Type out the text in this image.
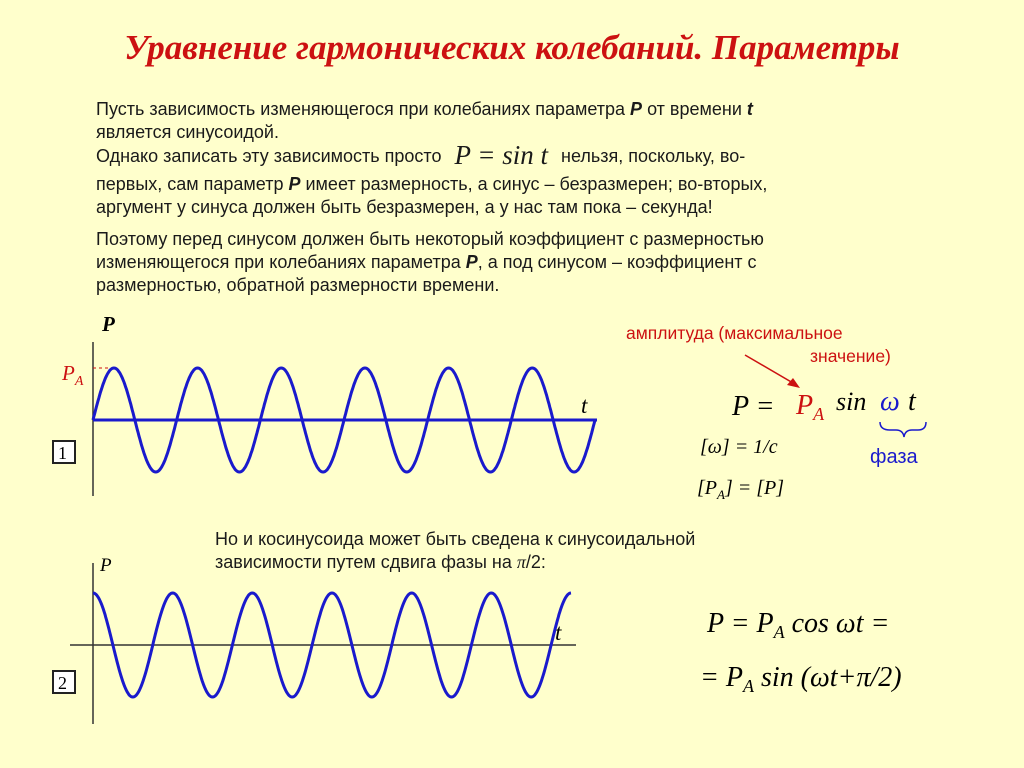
Уравнение гармонических колебаний. Параметры
Пусть зависимость изменяющегося при колебаниях параметра P от времени t
является синусоидой.
Однако записать эту зависимость просто P = sin t нельзя, поскольку, во-
первых, сам параметр P имеет размерность, а синус – безразмерен; во-вторых,
аргумент у синуса должен быть безразмерен, а у нас там пока – секунда!
Поэтому перед синусом должен быть некоторый коэффициент с размерностью
изменяющегося при колебаниях параметра P, а под синусом – коэффициент с
размерностью, обратной размерности времени.
Но и косинусоида может быть сведена к синусоидальной
зависимости путем сдвига фазы на π/2:
P
t
$P_A$
1
P
t
2
амплитуда (максимальное
значение)
$P = P_A$ sin ω t
фаза
[ω] = 1/c
$[P_A] = [P]$
$P = P_A$ cos ωt =
= $P_A$ sin (ωt+π/2)
